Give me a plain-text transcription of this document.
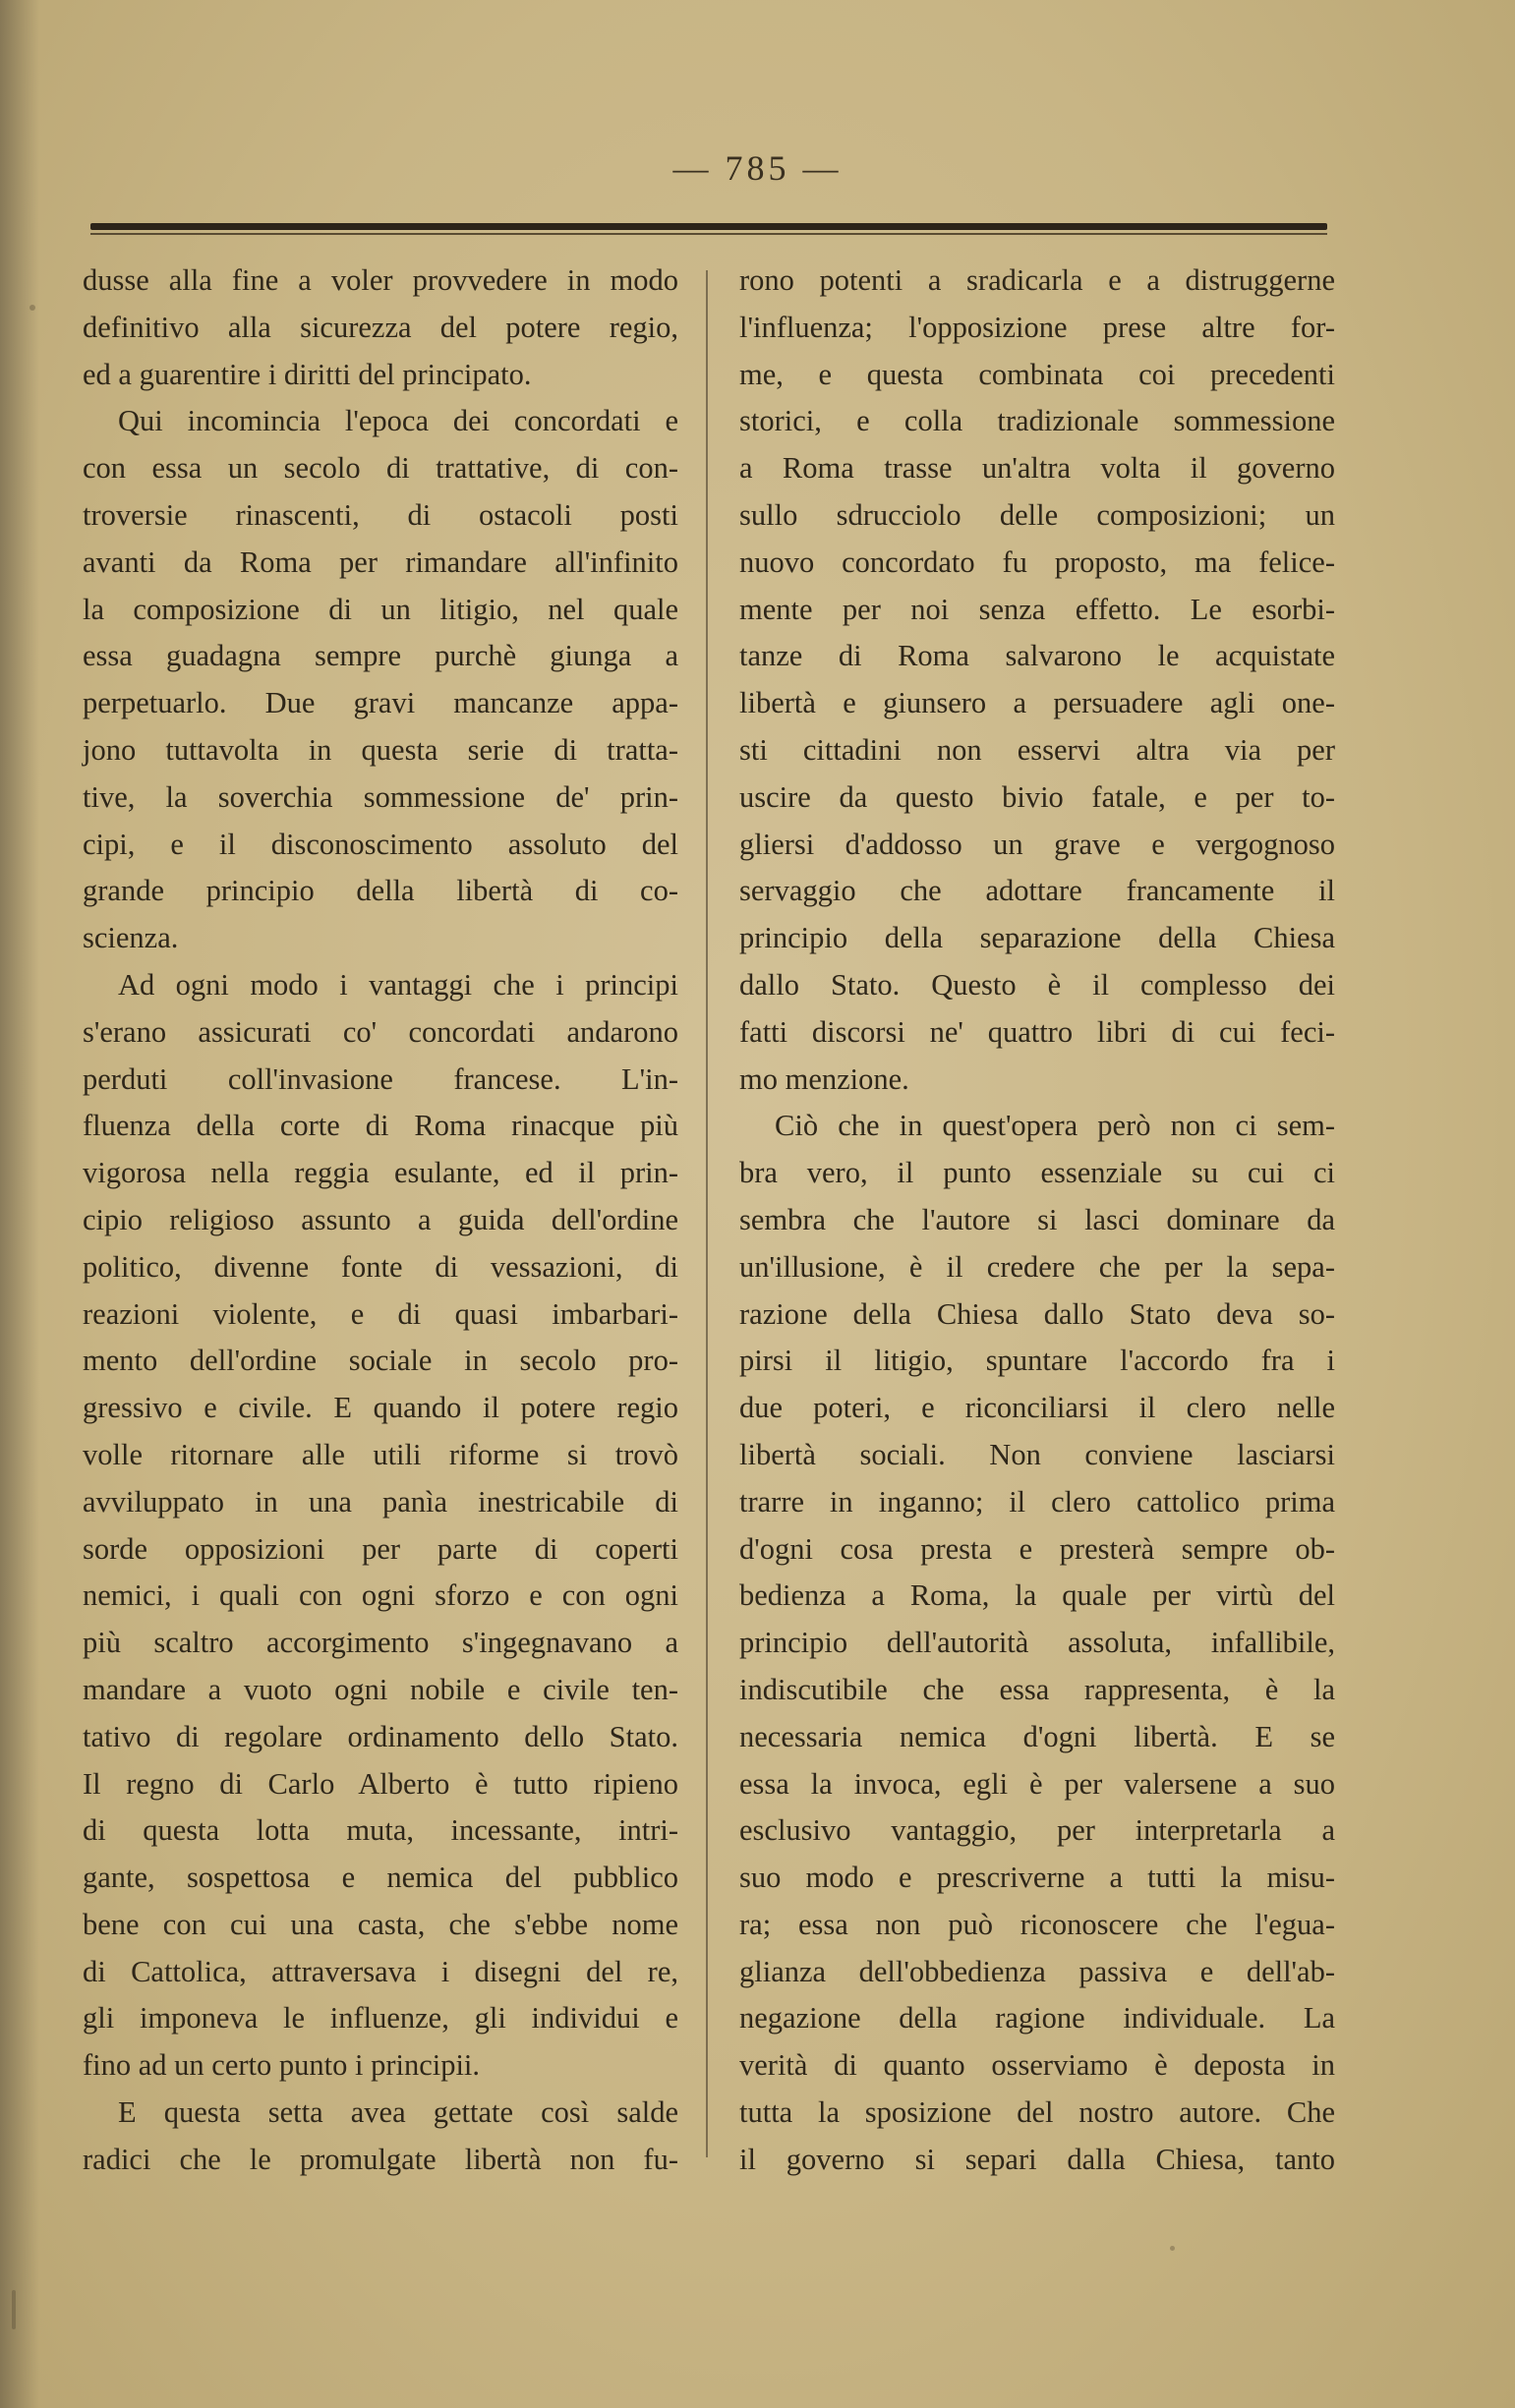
— 785 —
dusse alla fine a voler provvedere in modo
definitivo alla sicurezza del potere regio,
ed a guarentire i diritti del principato.
Qui incomincia l'epoca dei concordati e
con essa un secolo di trattative, di con-
troversie rinascenti, di ostacoli posti
avanti da Roma per rimandare all'infinito
la composizione di un litigio, nel quale
essa guadagna sempre purchè giunga a
perpetuarlo. Due gravi mancanze appa-
jono tuttavolta in questa serie di tratta-
tive, la soverchia sommessione de' prin-
cipi, e il disconoscimento assoluto del
grande principio della libertà di co-
scienza.
Ad ogni modo i vantaggi che i principi
s'erano assicurati co' concordati andarono
perduti coll'invasione francese. L'in-
fluenza della corte di Roma rinacque più
vigorosa nella reggia esulante, ed il prin-
cipio religioso assunto a guida dell'ordine
politico, divenne fonte di vessazioni, di
reazioni violente, e di quasi imbarbari-
mento dell'ordine sociale in secolo pro-
gressivo e civile. E quando il potere regio
volle ritornare alle utili riforme si trovò
avviluppato in una panìa inestricabile di
sorde opposizioni per parte di coperti
nemici, i quali con ogni sforzo e con ogni
più scaltro accorgimento s'ingegnavano a
mandare a vuoto ogni nobile e civile ten-
tativo di regolare ordinamento dello Stato.
Il regno di Carlo Alberto è tutto ripieno
di questa lotta muta, incessante, intri-
gante, sospettosa e nemica del pubblico
bene con cui una casta, che s'ebbe nome
di Cattolica, attraversava i disegni del re,
gli imponeva le influenze, gli individui e
fino ad un certo punto i principii.
E questa setta avea gettate così salde
radici che le promulgate libertà non fu-
rono potenti a sradicarla e a distruggerne
l'influenza; l'opposizione prese altre for-
me, e questa combinata coi precedenti
storici, e colla tradizionale sommessione
a Roma trasse un'altra volta il governo
sullo sdrucciolo delle composizioni; un
nuovo concordato fu proposto, ma felice-
mente per noi senza effetto. Le esorbi-
tanze di Roma salvarono le acquistate
libertà e giunsero a persuadere agli one-
sti cittadini non esservi altra via per
uscire da questo bivio fatale, e per to-
gliersi d'addosso un grave e vergognoso
servaggio che adottare francamente il
principio della separazione della Chiesa
dallo Stato. Questo è il complesso dei
fatti discorsi ne' quattro libri di cui feci-
mo menzione.
Ciò che in quest'opera però non ci sem-
bra vero, il punto essenziale su cui ci
sembra che l'autore si lasci dominare da
un'illusione, è il credere che per la sepa-
razione della Chiesa dallo Stato deva so-
pirsi il litigio, spuntare l'accordo fra i
due poteri, e riconciliarsi il clero nelle
libertà sociali. Non conviene lasciarsi
trarre in inganno; il clero cattolico prima
d'ogni cosa presta e presterà sempre ob-
bedienza a Roma, la quale per virtù del
principio dell'autorità assoluta, infallibile,
indiscutibile che essa rappresenta, è la
necessaria nemica d'ogni libertà. E se
essa la invoca, egli è per valersene a suo
esclusivo vantaggio, per interpretarla a
suo modo e prescriverne a tutti la misu-
ra; essa non può riconoscere che l'egua-
glianza dell'obbedienza passiva e dell'ab-
negazione della ragione individuale. La
verità di quanto osserviamo è deposta in
tutta la sposizione del nostro autore. Che
il governo si separi dalla Chiesa, tanto
